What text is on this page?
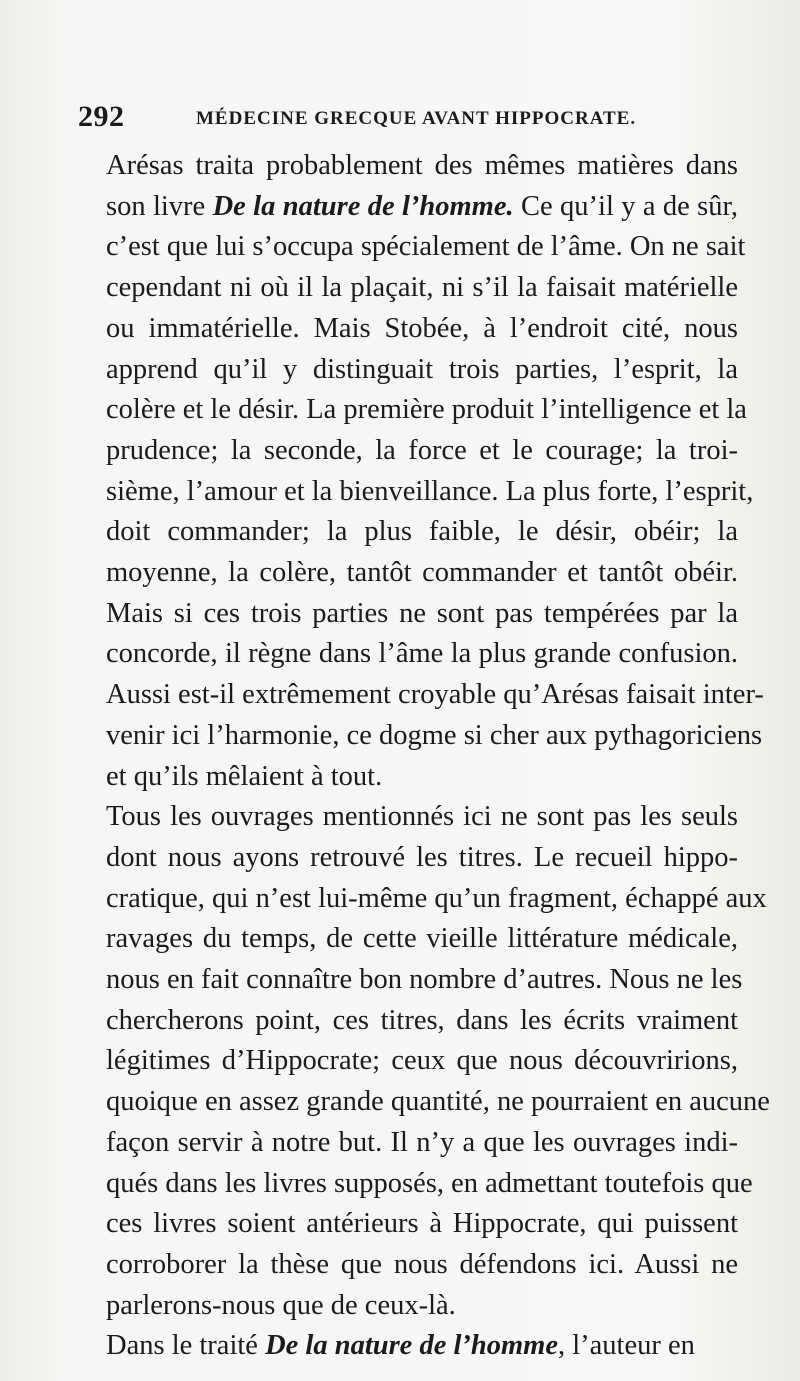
292	MÉDECINE GRECQUE AVANT HIPPOCRATE.

Arésas traita probablement des mêmes matières dans
son livre De la nature de l’homme. Ce qu’il y a de sûr,
c’est que lui s’occupa spécialement de l’âme. On ne sait
cependant ni où il la plaçait, ni s’il la faisait matérielle
ou immatérielle. Mais Stobée, à l’endroit cité, nous
apprend qu’il y distinguait trois parties, l’esprit, la
colère et le désir. La première produit l’intelligence et la
prudence; la seconde, la force et le courage; la troi-
sième, l’amour et la bienveillance. La plus forte, l’esprit,
doit commander; la plus faible, le désir, obéir; la
moyenne, la colère, tantôt commander et tantôt obéir.
Mais si ces trois parties ne sont pas tempérées par la
concorde, il règne dans l’âme la plus grande confusion.
Aussi est-il extrêmement croyable qu’Arésas faisait inter-
venir ici l’harmonie, ce dogme si cher aux pythagoriciens
et qu’ils mêlaient à tout.

Tous les ouvrages mentionnés ici ne sont pas les seuls
dont nous ayons retrouvé les titres. Le recueil hippo-
cratique, qui n’est lui-même qu’un fragment, échappé aux
ravages du temps, de cette vieille littérature médicale,
nous en fait connaître bon nombre d’autres. Nous ne les
chercherons point, ces titres, dans les écrits vraiment
légitimes d’Hippocrate; ceux que nous découvririons,
quoique en assez grande quantité, ne pourraient en aucune
façon servir à notre but. Il n’y a que les ouvrages indi-
qués dans les livres supposés, en admettant toutefois que
ces livres soient antérieurs à Hippocrate, qui puissent
corroborer la thèse que nous défendons ici. Aussi ne
parlerons-nous que de ceux-là.

Dans le traité De la nature de l’homme, l’auteur en
